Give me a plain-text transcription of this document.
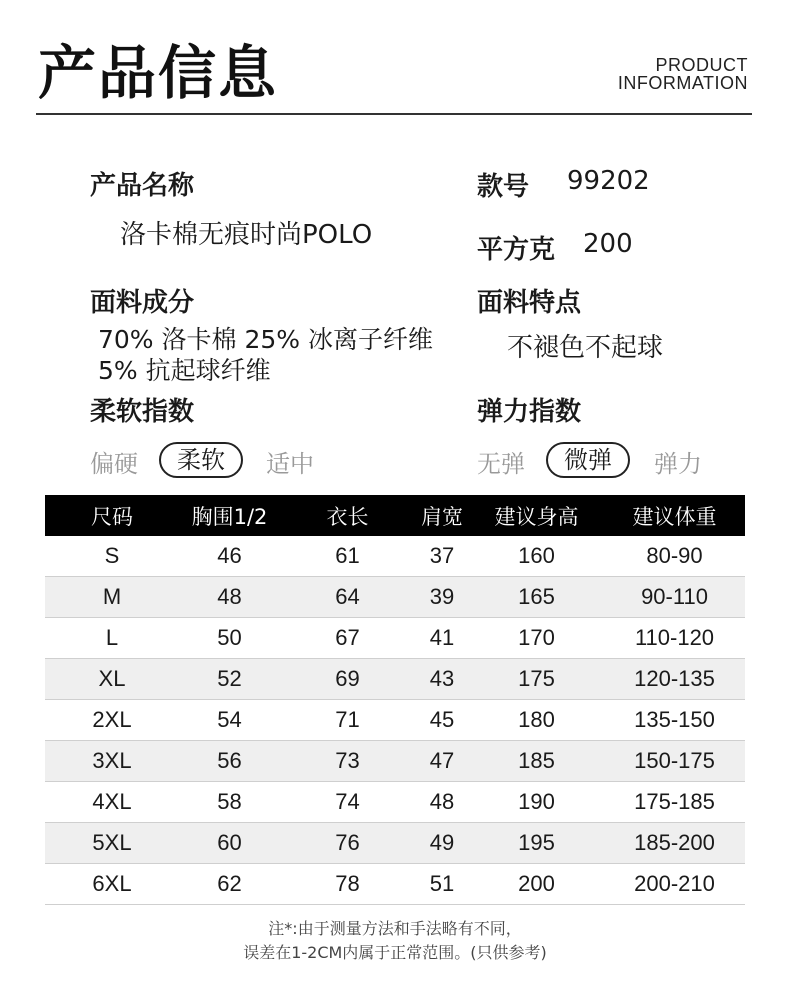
产品信息	PRODUCT
INFORMATION
产品名称
洛卡棉无痕时尚POLO
面料成分
70% 洛卡棉 25% 冰离子纤维
5% 抗起球纤维
柔软指数
偏硬	柔软	适中
款号 99202
平方克 200
面料特点
不褪色不起球
弹力指数
无弹	微弹	弹力
尺码	胸围1/2	衣长	肩宽	建议身高	建议体重
S	46	61	37	160	80-90
M	48	64	39	165	90-110
L	50	67	41	170	110-120
XL	52	69	43	175	120-135
2XL	54	71	45	180	135-150
3XL	56	73	47	185	150-175
4XL	58	74	48	190	175-185
5XL	60	76	49	195	185-200
6XL	62	78	51	200	200-210
注*:由于测量方法和手法略有不同，
误差在1-2CM内属于正常范围。(只供参考)
